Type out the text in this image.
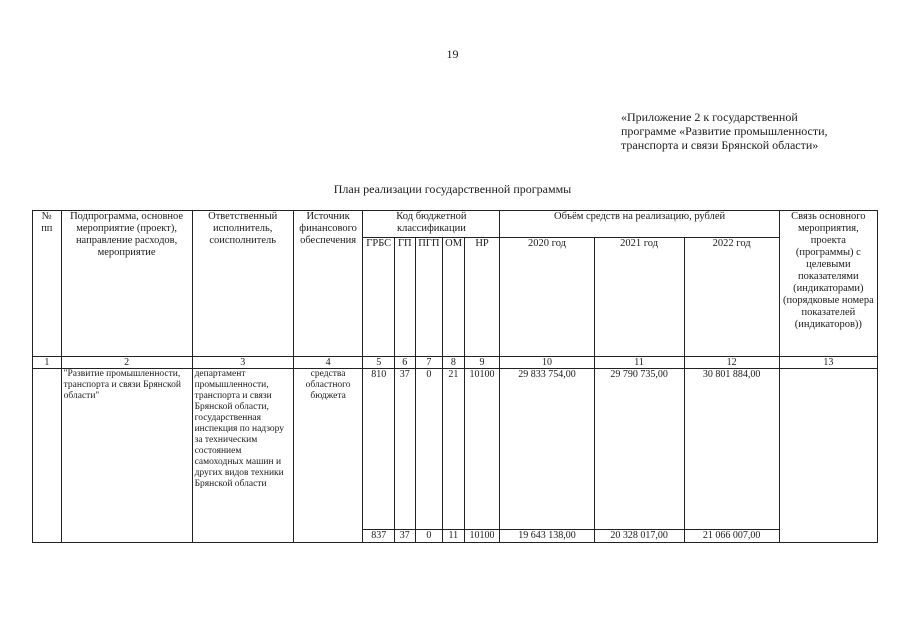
19
«Приложение 2 к государственной
программе «Развитие промышленности,
транспорта и связи Брянской области»
План реализации государственной программы
№ пп	Подпрограмма, основное мероприятие (проект), направление расходов, мероприятие	Ответственный исполнитель, соисполнитель	Источник финансового обеспечения	Код бюджетной классификации					Объём средств на реализацию, рублей			Связь основного мероприятия, проекта (программы) с целевыми показателями (индикаторами) (порядковые номера показателей (индикаторов))
				ГРБС	ГП	ПГП	ОМ	НР	2020 год	2021 год	2022 год	
1	2	3	4	5	6	7	8	9	10	11	12	13
	"Развитие промышленности, транспорта и связи Брянской области"	департамент промышленности, транспорта и связи Брянской области, государственная инспекция по надзору за техническим состоянием самоходных машин и других видов техники Брянской области	средства областного бюджета	810	37	0	21	10100	29 833 754,00	29 790 735,00	30 801 884,00	
				837	37	0	11	10100	19 643 138,00	20 328 017,00	21 066 007,00	
